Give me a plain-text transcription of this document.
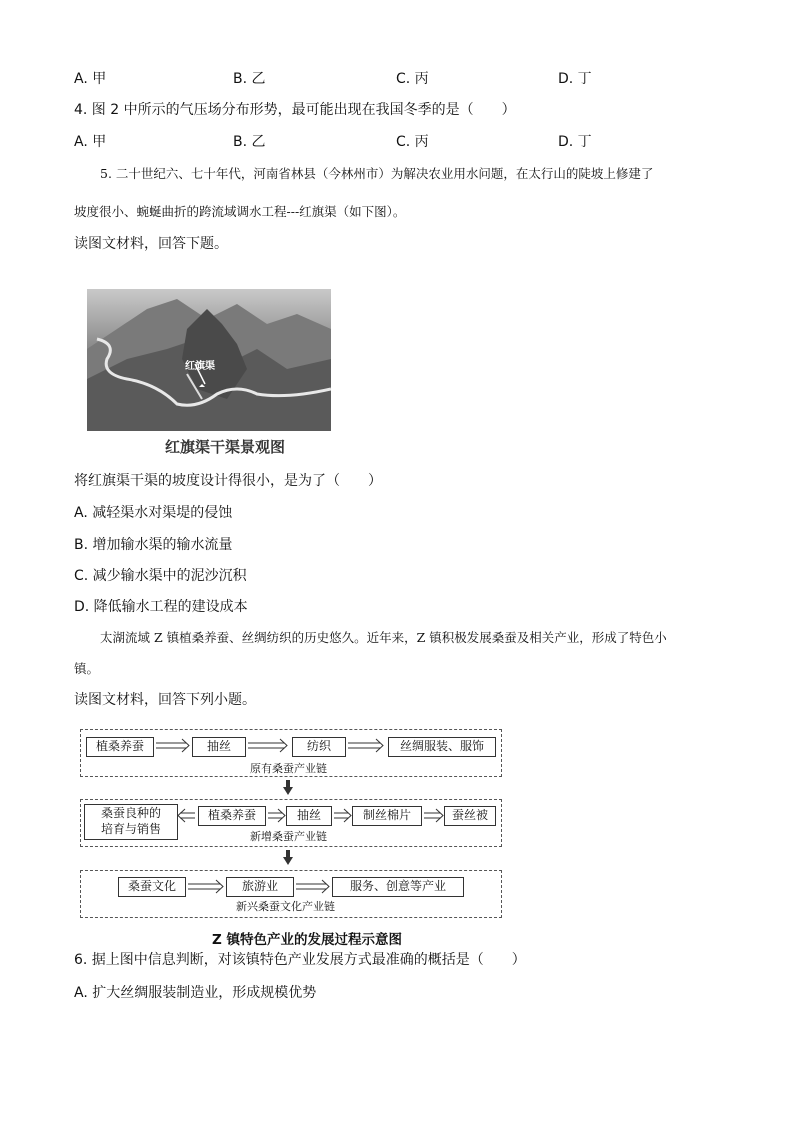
A. 甲	B. 乙	C. 丙	D. 丁
4. 图 2 中所示的气压场分布形势，最可能出现在我国冬季的是（　　）
A. 甲	B. 乙	C. 丙	D. 丁
5. 二十世纪六、七十年代，河南省林县（今林州市）为解决农业用水问题，在太行山的陡坡上修建了
坡度很小、蜿蜒曲折的跨流域调水工程---红旗渠（如下图）。
读图文材料，回答下题。
红旗渠
红旗渠干渠景观图
将红旗渠干渠的坡度设计得很小，是为了（　　）
A. 减轻渠水对渠堤的侵蚀
B. 增加输水渠的输水流量
C. 减少输水渠中的泥沙沉积
D. 降低输水工程的建设成本
太湖流域 Z 镇植桑养蚕、丝绸纺织的历史悠久。近年来，Z 镇积极发展桑蚕及相关产业，形成了特色小
镇。
读图文材料，回答下列小题。
植桑养蚕	抽丝	纺织	丝绸服装、服饰
原有桑蚕产业链
桑蚕良种的
培育与销售
植桑养蚕	抽丝	制丝棉片	蚕丝被
新增桑蚕产业链
桑蚕文化	旅游业	服务、创意等产业
新兴桑蚕文化产业链
Z 镇特色产业的发展过程示意图
6. 据上图中信息判断，对该镇特色产业发展方式最准确的概括是（　　）
A. 扩大丝绸服装制造业，形成规模优势
